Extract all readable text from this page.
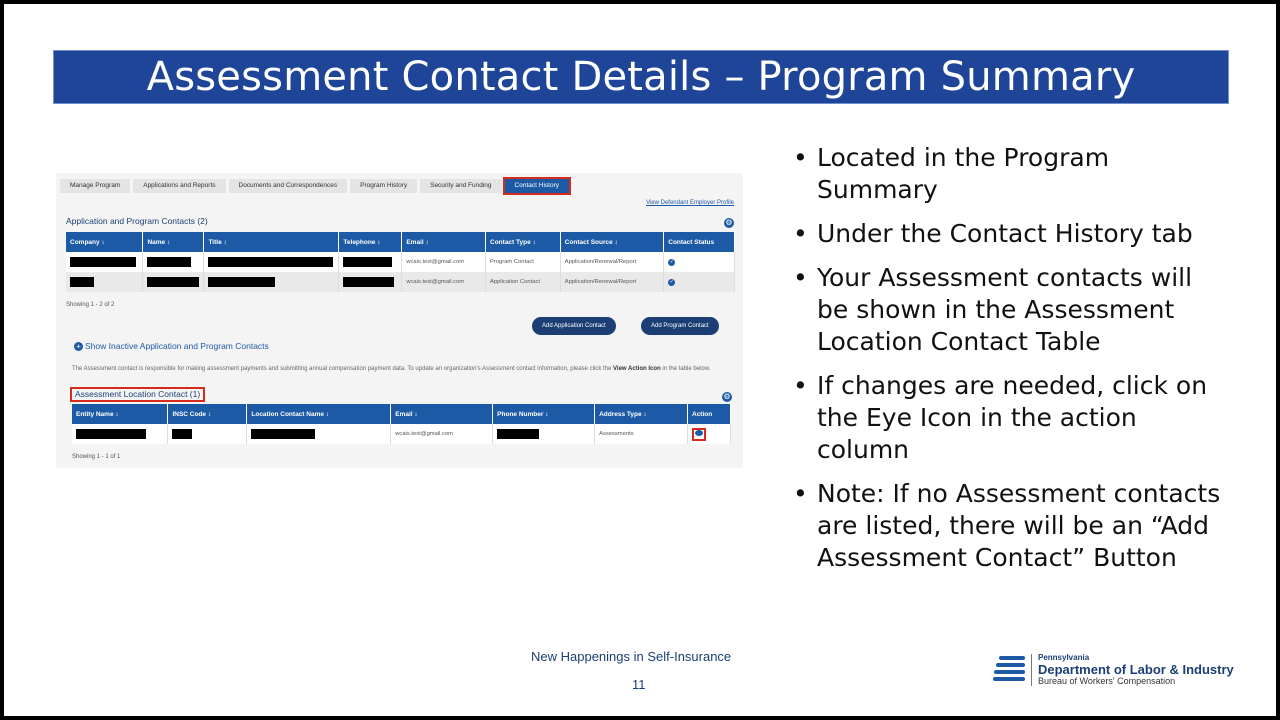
Assessment Contact Details – Program Summary
Manage Program	Applications and Reports	Documents and Correspondences	Program History	Security and Funding	Contact History
View Defendant Employer Profile
Application and Program Contacts (2)	⚙
Company ↕	Name ↕	Title ↕	Telephone ↕	Email ↕	Contact Type ↕	Contact Source ↕	Contact Status
				wcais.test@gmail.com	Program Contact	Application/Renewal/Report	✓
				wcais.test@gmail.com	Application Contact	Application/Renewal/Report	✓
Showing 1 - 2 of 2
Add Application Contact	Add Program Contact
+ Show Inactive Application and Program Contacts
The Assessment contact is responsible for making assessment payments and submitting annual compensation payment data. To update an organization's Assessment contact information, please click the View Action Icon in the table below.
Assessment Location Contact (1)	⚙
Entity Name ↕	INSC Code ↕	Location Contact Name ↕	Email ↕	Phone Number ↕	Address Type ↕	Action
			wcais.test@gmail.com		Assessments	
Showing 1 - 1 of 1
• Located in the Program Summary
• Under the Contact History tab
• Your Assessment contacts will be shown in the Assessment Location Contact Table
• If changes are needed, click on the Eye Icon in the action column
• Note: If no Assessment contacts are listed, there will be an “Add Assessment Contact” Button
New Happenings in Self-Insurance
11
Pennsylvania
Department of Labor & Industry
Bureau of Workers' Compensation
